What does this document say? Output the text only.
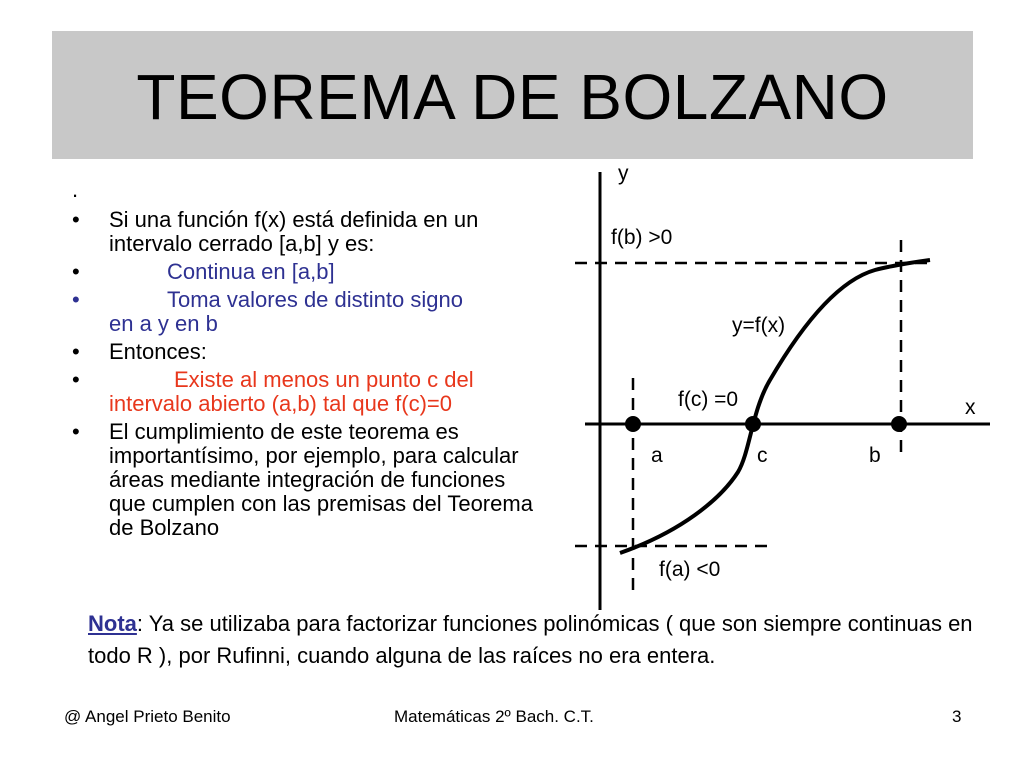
TEOREMA DE BOLZANO
.
• Si una función f(x) está definida en un intervalo cerrado [a,b] y es:
•	Continua en [a,b]
•	Toma valores de distinto signo
en a y en b
• Entonces:
•	Existe al menos un punto c del
intervalo abierto (a,b) tal que f(c)=0
• El cumplimiento de este teorema es importantísimo, por ejemplo, para calcular áreas mediante integración de funciones que cumplen con las premisas del Teorema de Bolzano
y
x
f(b) >0
y=f(x)
f(c) =0
a	c	b
f(a) <0
Nota: Ya se utilizaba para factorizar funciones polinómicas ( que son siempre continuas en todo R ), por Rufinni, cuando alguna de las raíces no era entera.
@ Angel Prieto Benito	Matemáticas 2º Bach. C.T.	3
